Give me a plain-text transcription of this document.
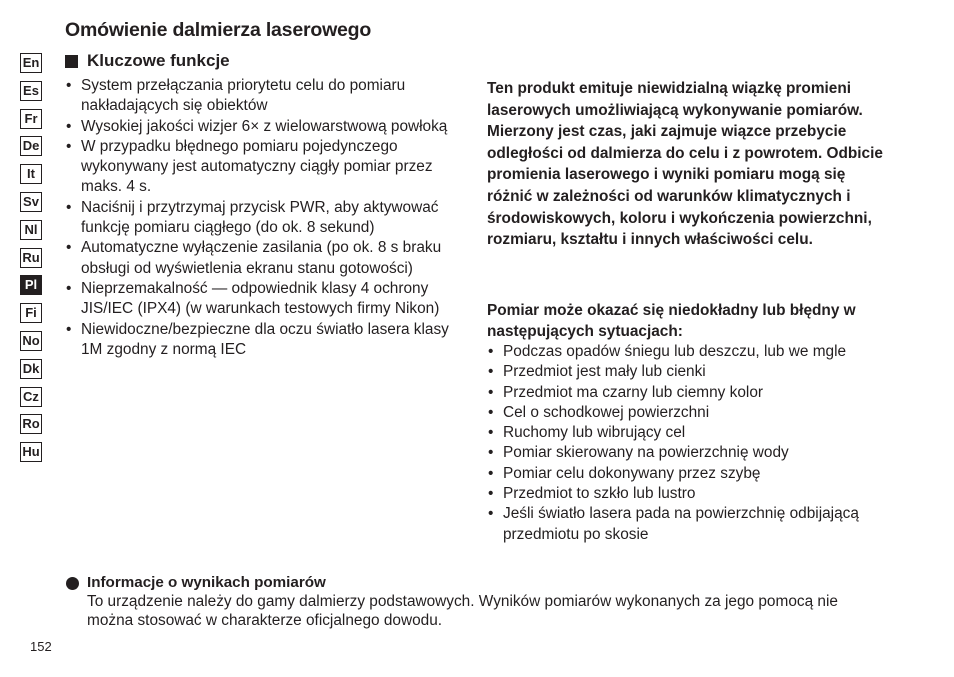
Omówienie dalmierza laserowego
Kluczowe funkcje
En
Es
Fr
De
It
Sv
Nl
Ru
Pl
Fi
No
Dk
Cz
Ro
Hu
• System przełączania priorytetu celu do pomiaru nakładających się obiektów
• Wysokiej jakości wizjer 6× z wielowarstwową powłoką
• W przypadku błędnego pomiaru pojedynczego wykonywany jest automatyczny ciągły pomiar przez maks. 4 s.
• Naciśnij i przytrzymaj przycisk PWR, aby aktywować funkcję pomiaru ciągłego (do ok. 8 sekund)
• Automatyczne wyłączenie zasilania (po ok. 8 s braku obsługi od wyświetlenia ekranu stanu gotowości)
• Nieprzemakalność — odpowiednik klasy 4 ochrony JIS/IEC (IPX4) (w warunkach testowych firmy Nikon)
• Niewidoczne/bezpieczne dla oczu światło lasera klasy 1M zgodny z normą IEC
Ten produkt emituje niewidzialną wiązkę promieni laserowych umożliwiającą wykonywanie pomiarów. Mierzony jest czas, jaki zajmuje wiązce przebycie odległości od dalmierza do celu i z powrotem. Odbicie promienia laserowego i wyniki pomiaru mogą się różnić w zależności od warunków klimatycznych i środowiskowych, koloru i wykończenia powierzchni, rozmiaru, kształtu i innych właściwości celu.
Pomiar może okazać się niedokładny lub błędny w następujących sytuacjach:
• Podczas opadów śniegu lub deszczu, lub we mgle
• Przedmiot jest mały lub cienki
• Przedmiot ma czarny lub ciemny kolor
• Cel o schodkowej powierzchni
• Ruchomy lub wibrujący cel
• Pomiar skierowany na powierzchnię wody
• Pomiar celu dokonywany przez szybę
• Przedmiot to szkło lub lustro
• Jeśli światło lasera pada na powierzchnię odbijającą przedmiotu po skosie
Informacje o wynikach pomiarów
To urządzenie należy do gamy dalmierzy podstawowych. Wyników pomiarów wykonanych za jego pomocą nie można stosować w charakterze oficjalnego dowodu.
152
